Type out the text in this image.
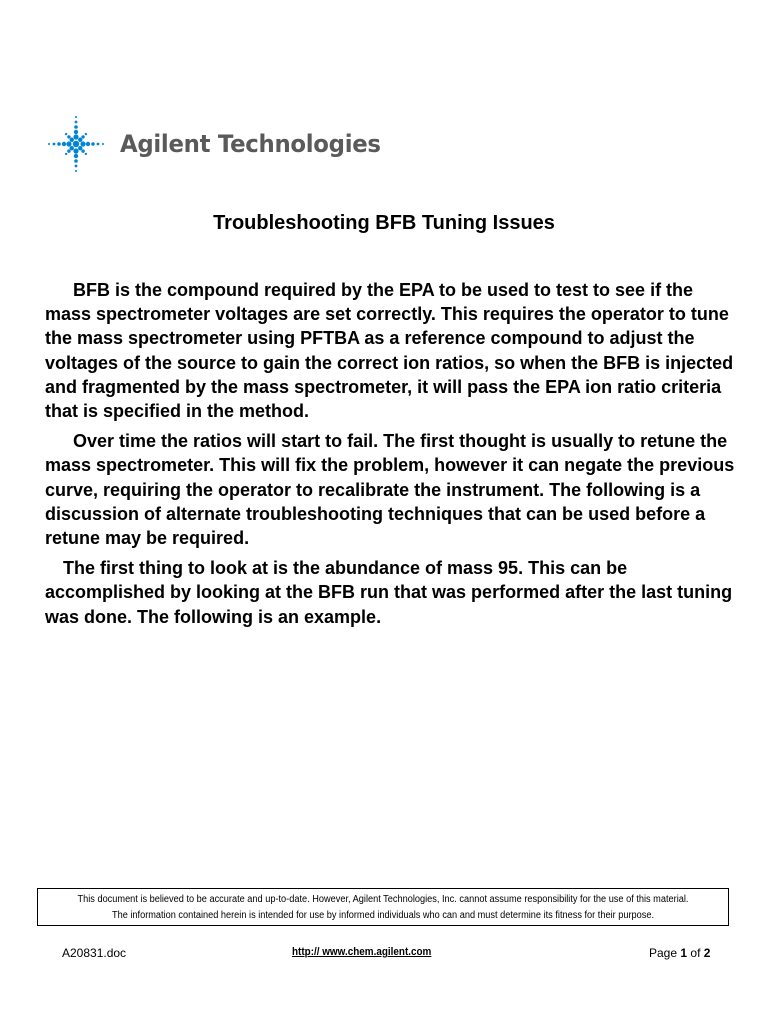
Agilent Technologies
Troubleshooting BFB Tuning Issues

BFB is the compound required by the EPA to be used to test to see if the mass spectrometer voltages are set correctly. This requires the operator to tune the mass spectrometer using PFTBA as a reference compound to adjust the voltages of the source to gain the correct ion ratios, so when the BFB is injected and fragmented by the mass spectrometer, it will pass the EPA ion ratio criteria that is specified in the method.

Over time the ratios will start to fail. The first thought is usually to retune the mass spectrometer. This will fix the problem, however it can negate the previous curve, requiring the operator to recalibrate the instrument. The following is a discussion of alternate troubleshooting techniques that can be used before a retune may be required.

The first thing to look at is the abundance of mass 95. This can be accomplished by looking at the BFB run that was performed after the last tuning was done. The following is an example.

This document is believed to be accurate and up-to-date. However, Agilent Technologies, Inc. cannot assume responsibility for the use of this material.
The information contained herein is intended for use by informed individuals who can and must determine its fitness for their purpose.
A20831.doc	http:// www.chem.agilent.com	Page 1 of 2
